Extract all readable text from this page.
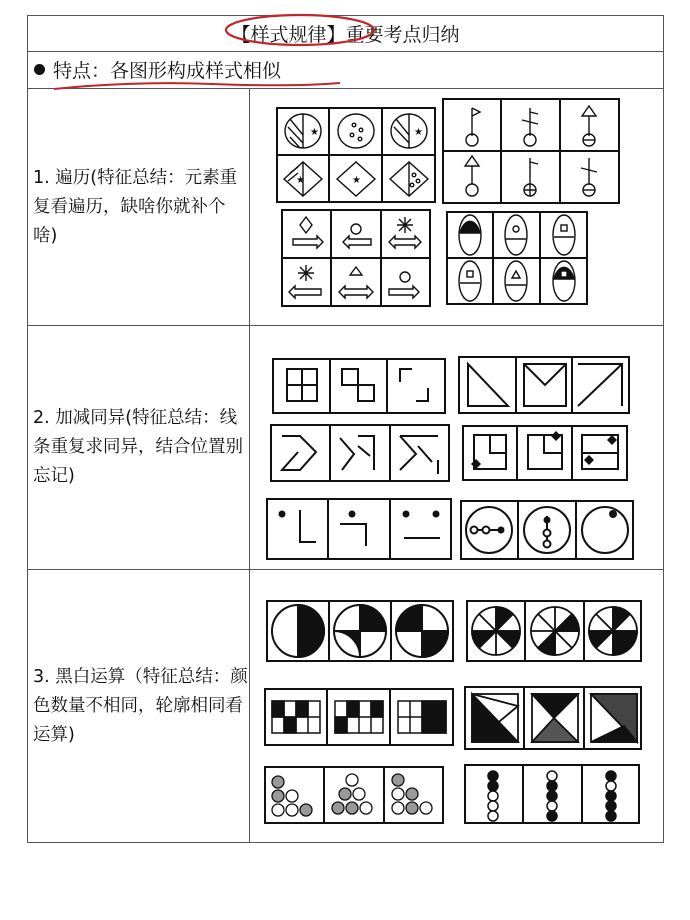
【样式规律】 重要考点归纳
特点：各图形构成样式相似
1. 遍历(特征总结：元素重复看遍历，缺啥你就补个啥)
★	★
★	★
2. 加减同异(特征总结：线条重复求同异，结合位置别忘记)
3. 黑白运算（特征总结：颜色数量不相同，轮廓相同看运算)
